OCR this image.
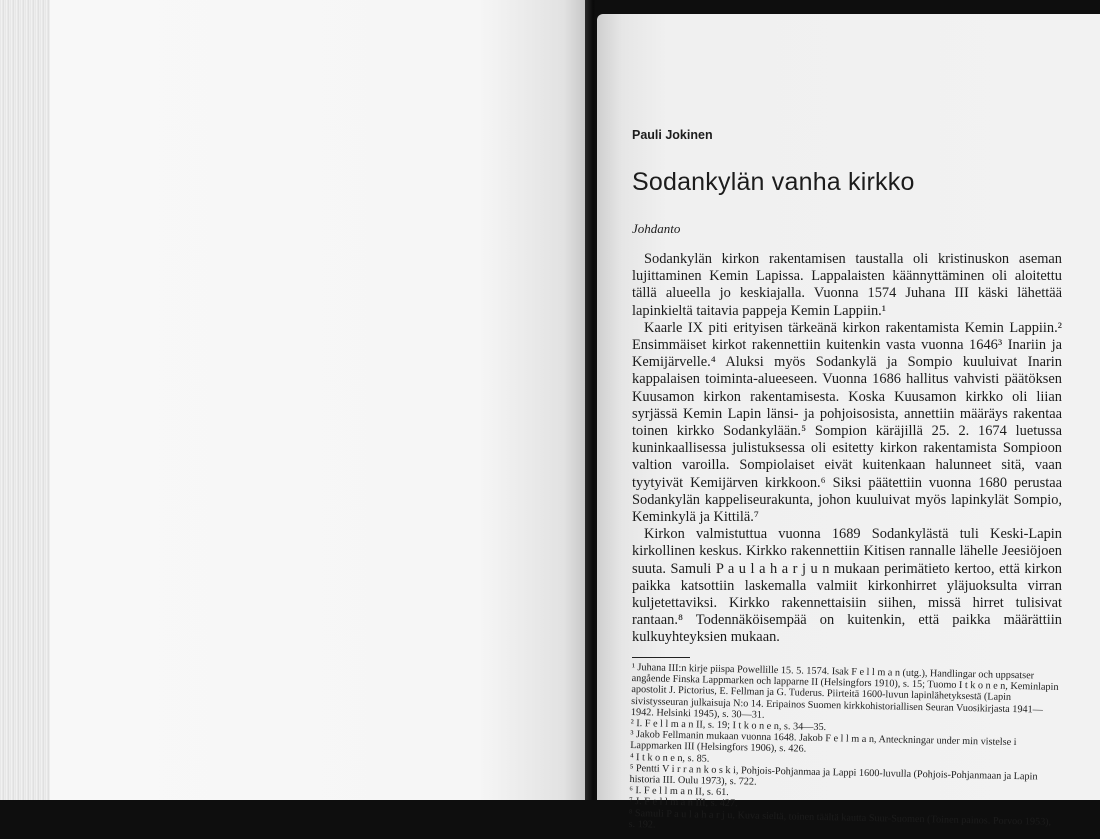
Pauli Jokinen

Sodankylän vanha kirkko

Johdanto

Sodankylän kirkon rakentamisen taustalla oli kristinuskon aseman lujittaminen Kemin Lapissa. Lappalaisten käännyttäminen oli aloitettu tällä alueella jo keskiajalla. Vuonna 1574 Juhana III käski lähettää lapinkieltä taitavia pappeja Kemin Lappiin.¹

Kaarle IX piti erityisen tärkeänä kirkon rakentamista Kemin Lappiin.² Ensimmäiset kirkot rakennettiin kuitenkin vasta vuonna 1646³ Inariin ja Kemijärvelle.⁴ Aluksi myös Sodankylä ja Sompio kuuluivat Inarin kappalaisen toiminta-alueeseen. Vuonna 1686 hallitus vahvisti päätöksen Kuusamon kirkon rakentamisesta. Koska Kuusamon kirkko oli liian syrjässä Kemin Lapin länsi- ja pohjoisosista, annettiin määräys rakentaa toinen kirkko Sodankylään.⁵ Sompion käräjillä 25. 2. 1674 luetussa kuninkaallisessa julistuksessa oli esitetty kirkon rakentamista Sompioon valtion varoilla. Sompiolaiset eivät kuitenkaan halunneet sitä, vaan tyytyivät Kemijärven kirkkoon.⁶ Siksi päätettiin vuonna 1680 perustaa Sodankylän kappeliseurakunta, johon kuuluivat myös lapinkylät Sompio, Keminkylä ja Kittilä.⁷

Kirkon valmistuttua vuonna 1689 Sodankylästä tuli Keski-Lapin kirkollinen keskus. Kirkko rakennettiin Kitisen rannalle lähelle Jeesiöjoen suuta. Samuli P a u l a h a r j u n mukaan perimätieto kertoo, että kirkon paikka katsottiin laskemalla valmiit kirkonhirret yläjuoksulta virran kuljetettaviksi. Kirkko rakennettaisiin siihen, missä hirret tulisivat rantaan.⁸ Todennäköisempää on kuitenkin, että paikka määrättiin kulkuyhteyksien mukaan.

¹ Juhana III:n kirje piispa Powellille 15. 5. 1574. Isak F e l l m a n (utg.), Handlingar och uppsatser angående Finska Lappmarken och lapparne II (Helsingfors 1910), s. 15; Tuomo I t k o n e n, Keminlapin apostolit J. Pictorius, E. Fellman ja G. Tuderus. Piirteitä 1600-luvun lapinlähetyksestä (Lapin sivistysseuran julkaisuja N:o 14. Eripainos Suomen kirkkohistoriallisen Seuran Vuosikirjasta 1941—1942. Helsinki 1945), s. 30—31.

² I. F e l l m a n II, s. 19; I t k o n e n, s. 34—35.

³ Jakob Fellmanin mukaan vuonna 1648. Jakob F e l l m a n, Anteckningar under min vistelse i Lappmarken III (Helsingfors 1906), s. 426.

⁴ I t k o n e n, s. 85.

⁵ Pentti V i r r a n k o s k i, Pohjois-Pohjanmaa ja Lappi 1600-luvulla (Pohjois-Pohjanmaan ja Lapin historia III. Oulu 1973), s. 722.

⁶ I. F e l l m a n II, s. 61.

⁷ J. F e l l m a n III, s. 427.

⁸ Samuli P a u l a h a r j u, Kuva sieltä, toinen täältä kautta Suur-Suomen (Toinen painos. Porvoo 1953), s. 192.
